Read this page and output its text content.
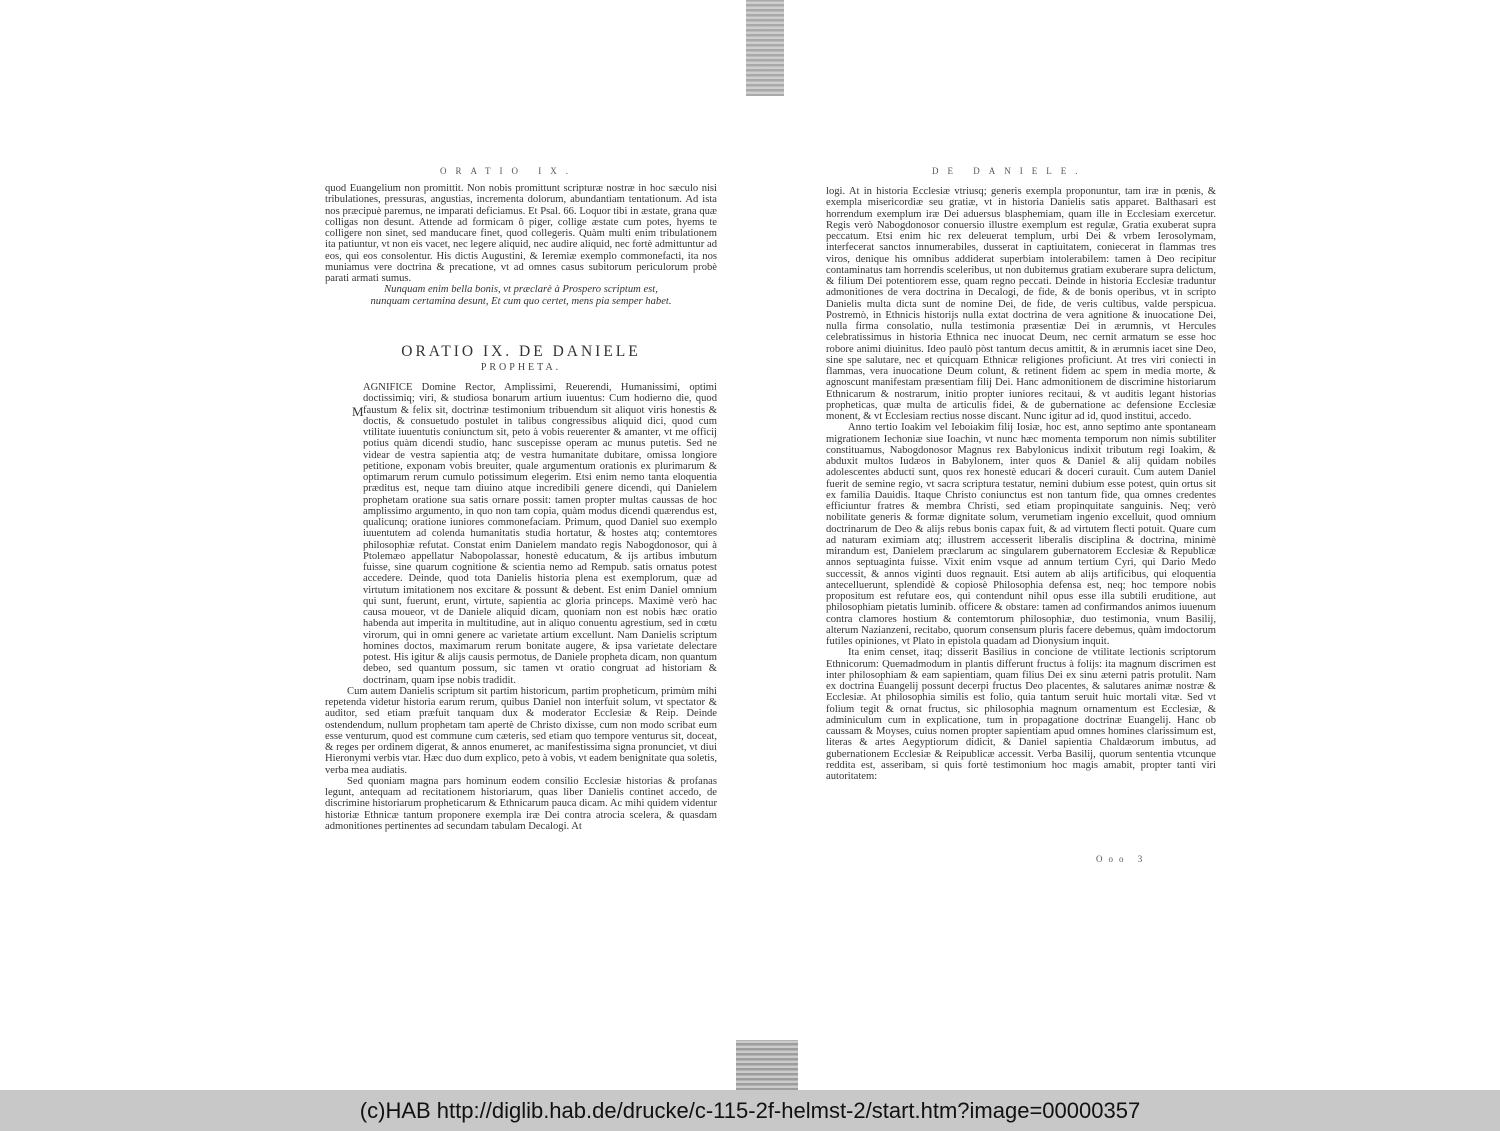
ORATIO IX.	DE DANIELE.

quod Euangelium non promittit. Non nobis promittunt scripturæ nostræ in hoc sæculo nisi tribulationes, pressuras, angustias, incrementa dolorum, abundantiam tentationum. Ad ista nos præcipuè paremus, ne imparati deficiamus. Et Psal. 66. Loquor tibi in æstate, grana quæ colligas non desunt. Attende ad formicam ô piger, collige æstate cum potes, hyems te colligere non sinet, sed manducare finet, quod collegeris. Quàm multi enim tribulationem ita patiuntur, vt non eis vacet, nec legere aliquid, nec audire aliquid, nec fortè admittuntur ad eos, qui eos consolentur. His dictis Augustini, & Ieremiæ exemplo commonefacti, ita nos muniamus vere doctrina & precatione, vt ad omnes casus subitorum periculorum probè parati armati sumus.

Nunquam enim bella bonis, vt præclarè à Prospero scriptum est, nunquam certamina desunt, Et cum quo certet, mens pia semper habet.

ORATIO IX. DE DANIELE
PROPHETA.
M

AGNIFICE Domine Rector, Amplissimi, Reuerendi, Humanissimi, optimi doctissimiq; viri, & studiosa bonarum artium iuuentus: Cum hodierno die, quod faustum & felix sit, doctrinæ testimonium tribuendum sit aliquot viris honestis & doctis, & consuetudo postulet in talibus congressibus aliquid dici, quod cum vtilitate iuuentutis coniunctum sit, peto à vobis reuerenter & amanter, vt me officij potius quàm dicendi studio, hanc suscepisse operam ac munus putetis. Sed ne videar de vestra sapientia atq; de vestra humanitate dubitare, omissa longiore petitione, exponam vobis breuiter, quale argumentum orationis ex plurimarum & optimarum rerum cumulo potissimum elegerim. Etsi enim nemo tanta eloquentia præditus est, neque tam diuino atque incredibili genere dicendi, qui Danielem prophetam oratione sua satis ornare possit: tamen propter multas caussas de hoc amplissimo argumento, in quo non tam copia, quàm modus dicendi quærendus est, qualicunq; oratione iuniores commonefaciam. Primum, quod Daniel suo exemplo iuuentutem ad colenda humanitatis studia hortatur, & hostes atq; contemtores philosophiæ refutat. Constat enim Danielem mandato regis Nabogdonosor, qui à Ptolemæo appellatur Nabopolassar, honestè educatum, & ijs artibus imbutum fuisse, sine quarum cognitione & scientia nemo ad Rempub. satis ornatus potest accedere. Deinde, quod tota Danielis historia plena est exemplorum, quæ ad virtutum imitationem nos excitare & possunt & debent. Est enim Daniel omnium qui sunt, fuerunt, erunt, virtute, sapientia ac gloria princeps. Maximè verò hac causa moueor, vt de Daniele aliquid dicam, quoniam non est nobis hæc oratio habenda aut imperita in multitudine, aut in aliquo conuentu agrestium, sed in cœtu virorum, qui in omni genere ac varietate artium excellunt. Nam Danielis scriptum homines doctos, maximarum rerum bonitate augere, & ipsa varietate delectare potest. His igitur & alijs causis permotus, de Daniele propheta dicam, non quantum debeo, sed quantum possum, sic tamen vt oratio congruat ad historiam & doctrinam, quam ipse nobis tradidit.

Cum autem Danielis scriptum sit partim historicum, partim propheticum, primùm mihi repetenda videtur historia earum rerum, quibus Daniel non interfuit solum, vt spectator & auditor, sed etiam præfuit tanquam dux & moderator Ecclesiæ & Reip. Deinde ostendendum, nullum prophetam tam apertè de Christo dixisse, cum non modo scribat eum esse venturum, quod est commune cum cæteris, sed etiam quo tempore venturus sit, doceat, & reges per ordinem digerat, & annos enumeret, ac manifestissima signa pronunciet, vt diui Hieronymi verbis vtar. Hæc duo dum explico, peto à vobis, vt eadem benignitate qua soletis, verba mea audiatis.

Sed quoniam magna pars hominum eodem consilio Ecclesiæ historias & profanas legunt, antequam ad recitationem historiarum, quas liber Danielis continet accedo, de discrimine historiarum propheticarum & Ethnicarum pauca dicam. Ac mihi quidem videntur historiæ Ethnicæ tantum proponere exempla iræ Dei contra atrocia scelera, & quasdam admonitiones pertinentes ad secundam tabulam Decalogi. At

logi. At in historia Ecclesiæ vtriusq; generis exempla proponuntur, tam iræ in pœnis, & exempla misericordiæ seu gratiæ, vt in historia Danielis satis apparet. Balthasari est horrendum exemplum iræ Dei aduersus blasphemiam, quam ille in Ecclesiam exercetur. Regis verò Nabogdonosor conuersio illustre exemplum est regulæ, Gratia exuberat supra peccatum. Etsi enim hic rex deleuerat templum, urbi Dei & vrbem Ierosolymam, interfecerat sanctos innumerabiles, dusserat in captiuitatem, coniecerat in flammas tres viros, denique his omnibus addiderat superbiam intolerabilem: tamen à Deo recipitur contaminatus tam horrendis sceleribus, ut non dubitemus gratiam exuberare supra delictum, & filium Dei potentiorem esse, quam regno peccati. Deinde in historia Ecclesiæ traduntur admonitiones de vera doctrina in Decalogi, de fide, & de bonis operibus, vt in scripto Danielis multa dicta sunt de nomine Dei, de fide, de veris cultibus, valde perspicua. Postremò, in Ethnicis historijs nulla extat doctrina de vera agnitione & inuocatione Dei, nulla firma consolatio, nulla testimonia præsentiæ Dei in ærumnis, vt Hercules celebratissimus in historia Ethnica nec inuocat Deum, nec cernit armatum se esse hoc robore animi diuinitus. Ideo paulò pòst tantum decus amittit, & in ærumnis iacet sine Deo, sine spe salutare, nec et quicquam Ethnicæ religiones proficiunt. At tres viri coniecti in flammas, vera inuocatione Deum colunt, & retinent fidem ac spem in media morte, & agnoscunt manifestam præsentiam filij Dei. Hanc admonitionem de discrimine historiarum Ethnicarum & nostrarum, initio propter iuniores recitaui, & vt auditis legant historias propheticas, quæ multa de articulis fidei, & de gubernatione ac defensione Ecclesiæ monent, & vt Ecclesiam rectius nosse discant. Nunc igitur ad id, quod institui, accedo.

Anno tertio Ioakim vel Ieboiakim filij Iosiæ, hoc est, anno septimo ante spontaneam migrationem Iechoniæ siue Ioachin, vt nunc hæc momenta temporum non nimis subtiliter constituamus, Nabogdonosor Magnus rex Babylonicus indixit tributum regi Ioakim, & abduxit multos Iudæos in Babylonem, inter quos & Daniel & alij quidam nobiles adolescentes abducti sunt, quos rex honestè educari & doceri curauit. Cum autem Daniel fuerit de semine regio, vt sacra scriptura testatur, nemini dubium esse potest, quin ortus sit ex familia Dauidis. Itaque Christo coniunctus est non tantum fide, qua omnes credentes efficiuntur fratres & membra Christi, sed etiam propinquitate sanguinis. Neq; verò nobilitate generis & formæ dignitate solum, verumetiam ingenio excelluit, quod omnium doctrinarum de Deo & alijs rebus bonis capax fuit, & ad virtutem flecti potuit. Quare cum ad naturam eximiam atq; illustrem accesserit liberalis disciplina & doctrina, minimè mirandum est, Danielem præclarum ac singularem gubernatorem Ecclesiæ & Republicæ annos septuaginta fuisse. Vixit enim vsque ad annum tertium Cyri, qui Dario Medo successit, & annos viginti duos regnauit. Etsi autem ab alijs artificibus, qui eloquentia antecelluerunt, splendidè & copiosè Philosophia defensa est, neq; hoc tempore nobis propositum est refutare eos, qui contendunt nihil opus esse illa subtili eruditione, aut philosophiam pietatis luminib. officere & obstare: tamen ad confirmandos animos iuuenum contra clamores hostium & contemtorum philosophiæ, duo testimonia, vnum Basilij, alterum Nazianzeni, recitabo, quorum consensum pluris facere debemus, quàm imdoctorum futiles opiniones, vt Plato in epistola quadam ad Dionysium inquit.

Ita enim censet, itaq; disserit Basilius in concione de vtilitate lectionis scriptorum Ethnicorum: Quemadmodum in plantis differunt fructus à folijs: ita magnum discrimen est inter philosophiam & eam sapientiam, quam filius Dei ex sinu æterni patris protulit. Nam ex doctrina Euangelij possunt decerpi fructus Deo placentes, & salutares animæ nostræ & Ecclesiæ. At philosophia similis est folio, quia tantum seruit huic mortali vitæ. Sed vt folium tegit & ornat fructus, sic philosophia magnum ornamentum est Ecclesiæ, & adminiculum cum in explicatione, tum in propagatione doctrinæ Euangelij. Hanc ob caussam & Moyses, cuius nomen propter sapientiam apud omnes homines clarissimum est, literas & artes Aegyptiorum didicit, & Daniel sapientia Chaldæorum imbutus, ad gubernationem Ecclesiæ & Reipublicæ accessit. Verba Basilij, quorum sententia vtcunque reddita est, asseribam, si quis fortè testimonium hoc magis amabit, propter tanti viri autoritatem:

Ooo 3
(c)HAB http://diglib.hab.de/drucke/c-115-2f-helmst-2/start.htm?image=00000357
